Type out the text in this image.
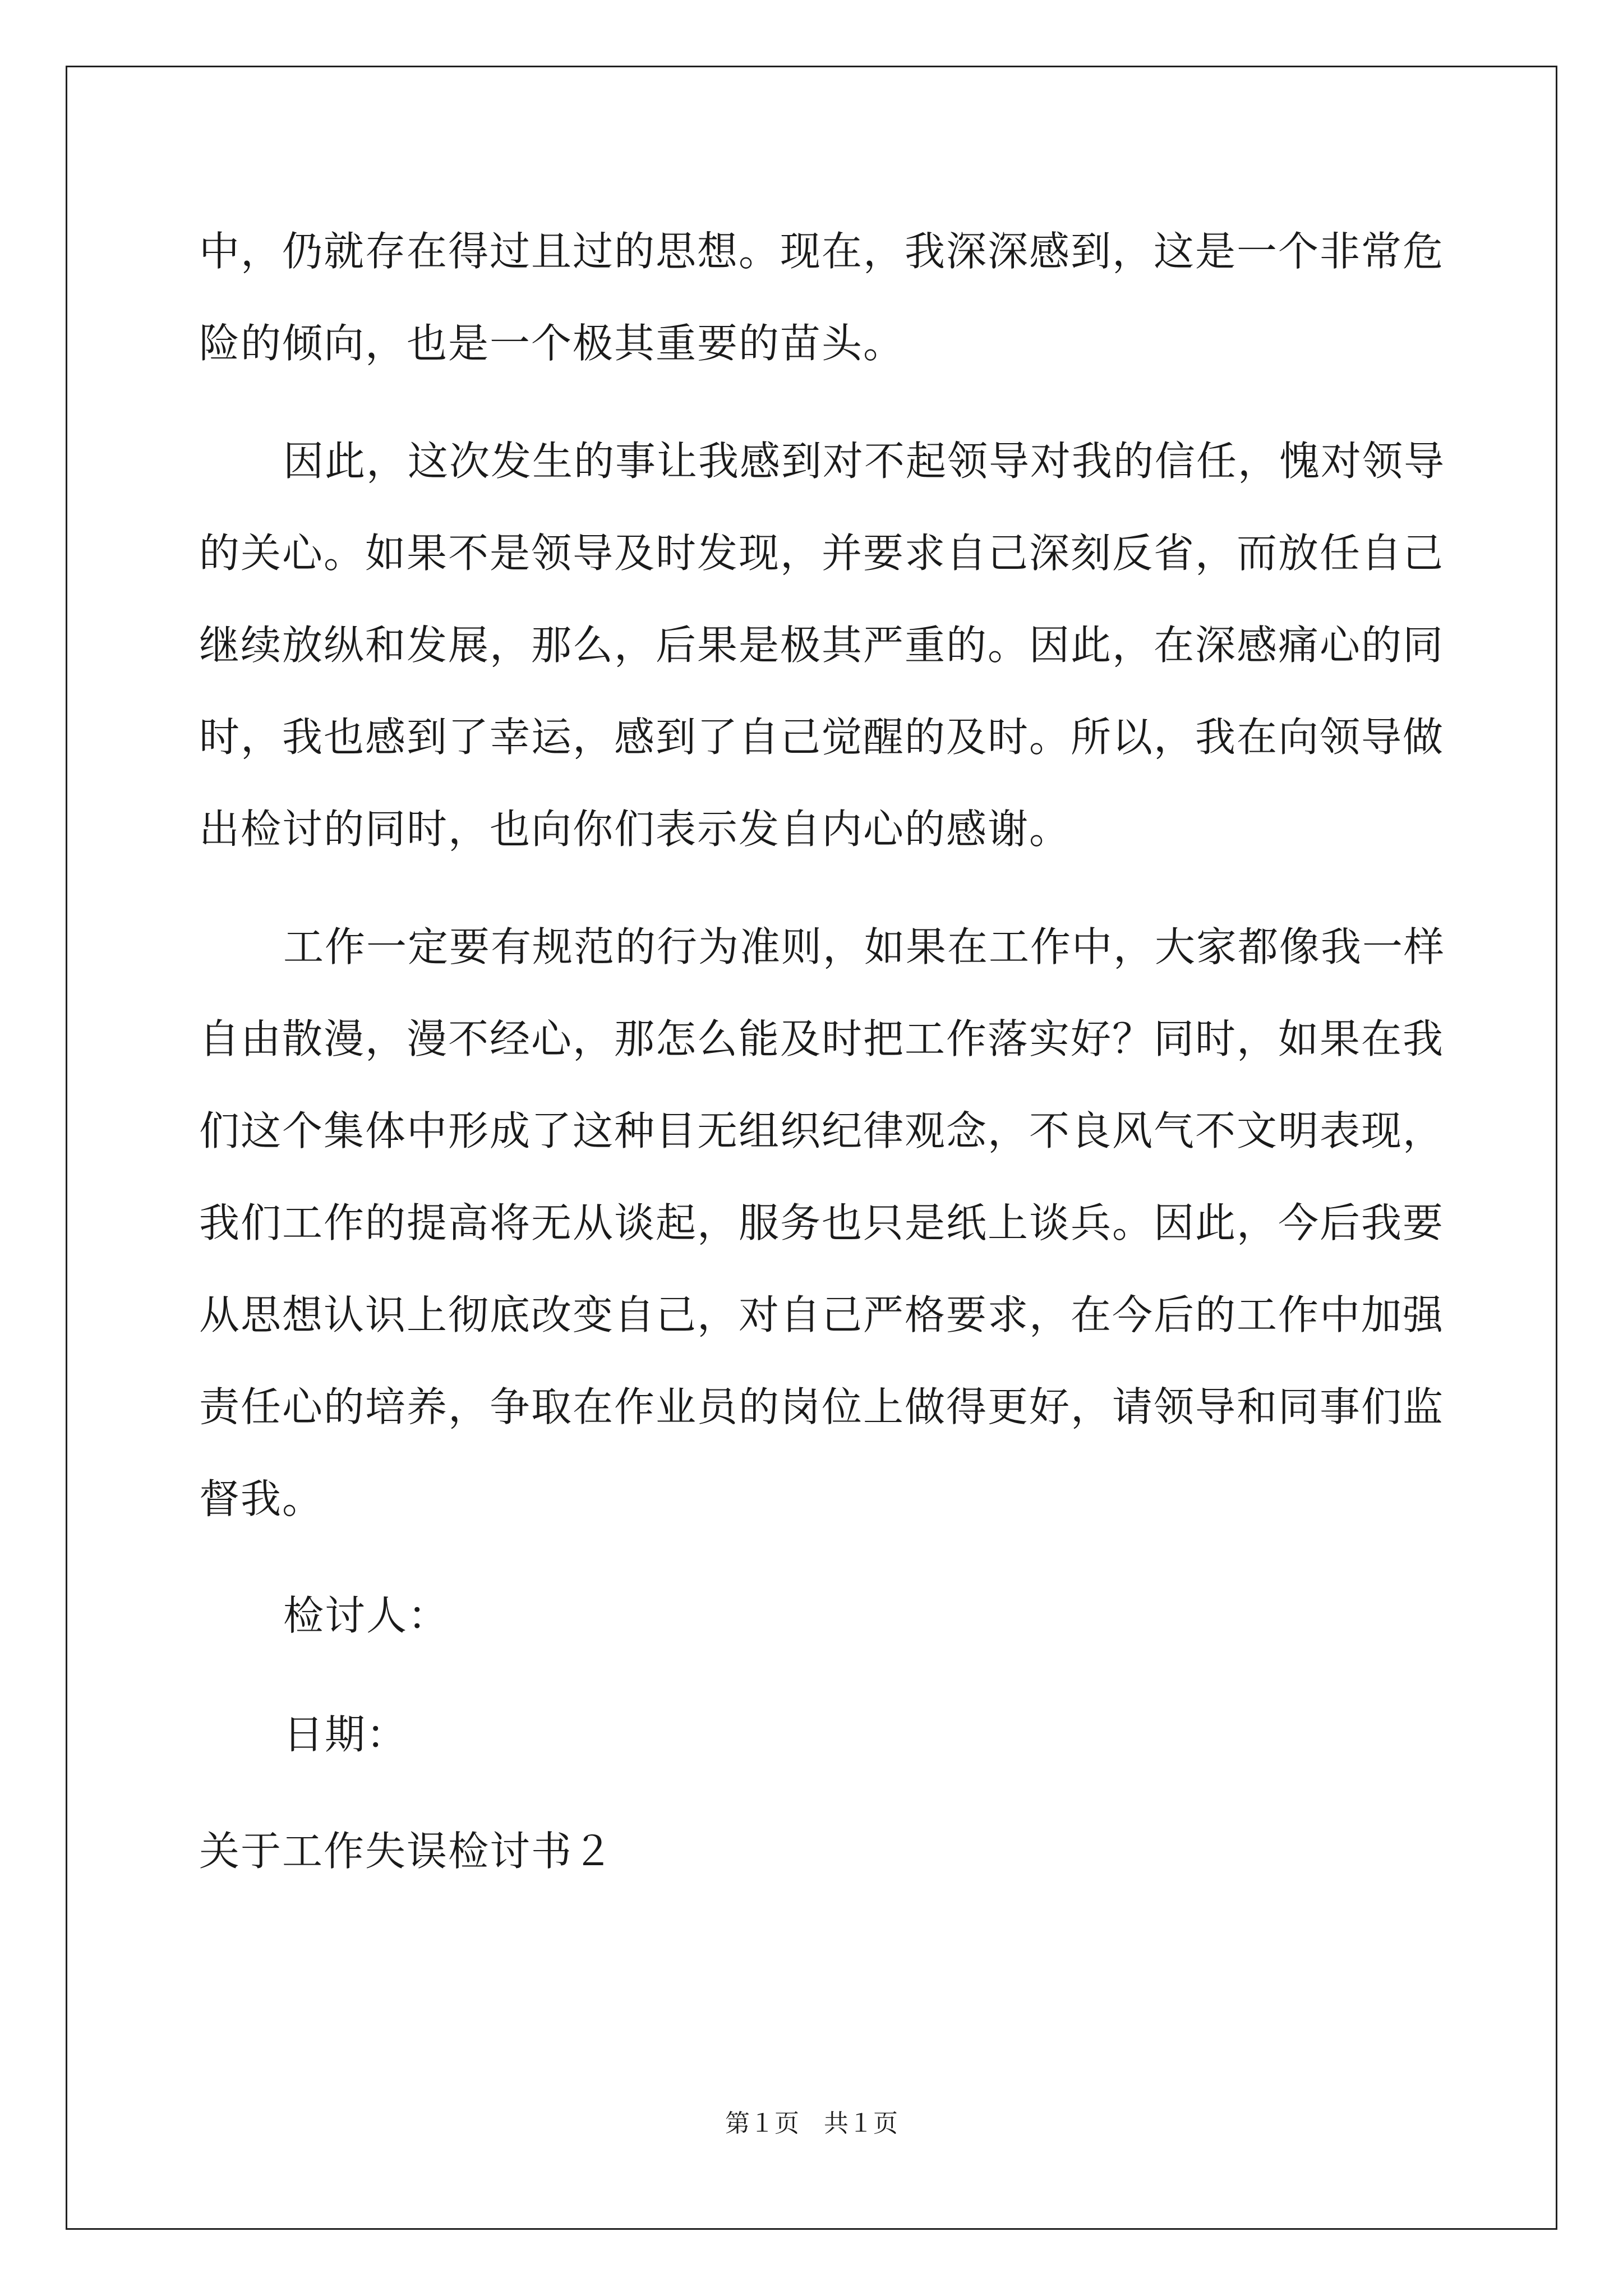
中，仍就存在得过且过的思想。现在，我深深感到，这是一个非常危
险的倾向，也是一个极其重要的苗头。
因此，这次发生的事让我感到对不起领导对我的信任，愧对领导
的关心。如果不是领导及时发现，并要求自己深刻反省，而放任自己
继续放纵和发展，那么，后果是极其严重的。因此，在深感痛心的同
时，我也感到了幸运，感到了自己觉醒的及时。所以，我在向领导做
出检讨的同时，也向你们表示发自内心的感谢。
工作一定要有规范的行为准则，如果在工作中，大家都像我一样
自由散漫，漫不经心，那怎么能及时把工作落实好？同时，如果在我
们这个集体中形成了这种目无组织纪律观念，不良风气不文明表现，
我们工作的提高将无从谈起，服务也只是纸上谈兵。因此，今后我要
从思想认识上彻底改变自己，对自己严格要求，在今后的工作中加强
责任心的培养，争取在作业员的岗位上做得更好，请领导和同事们监
督我。
检讨人：
日期：
关于工作失误检讨书２
第１页　共１页
